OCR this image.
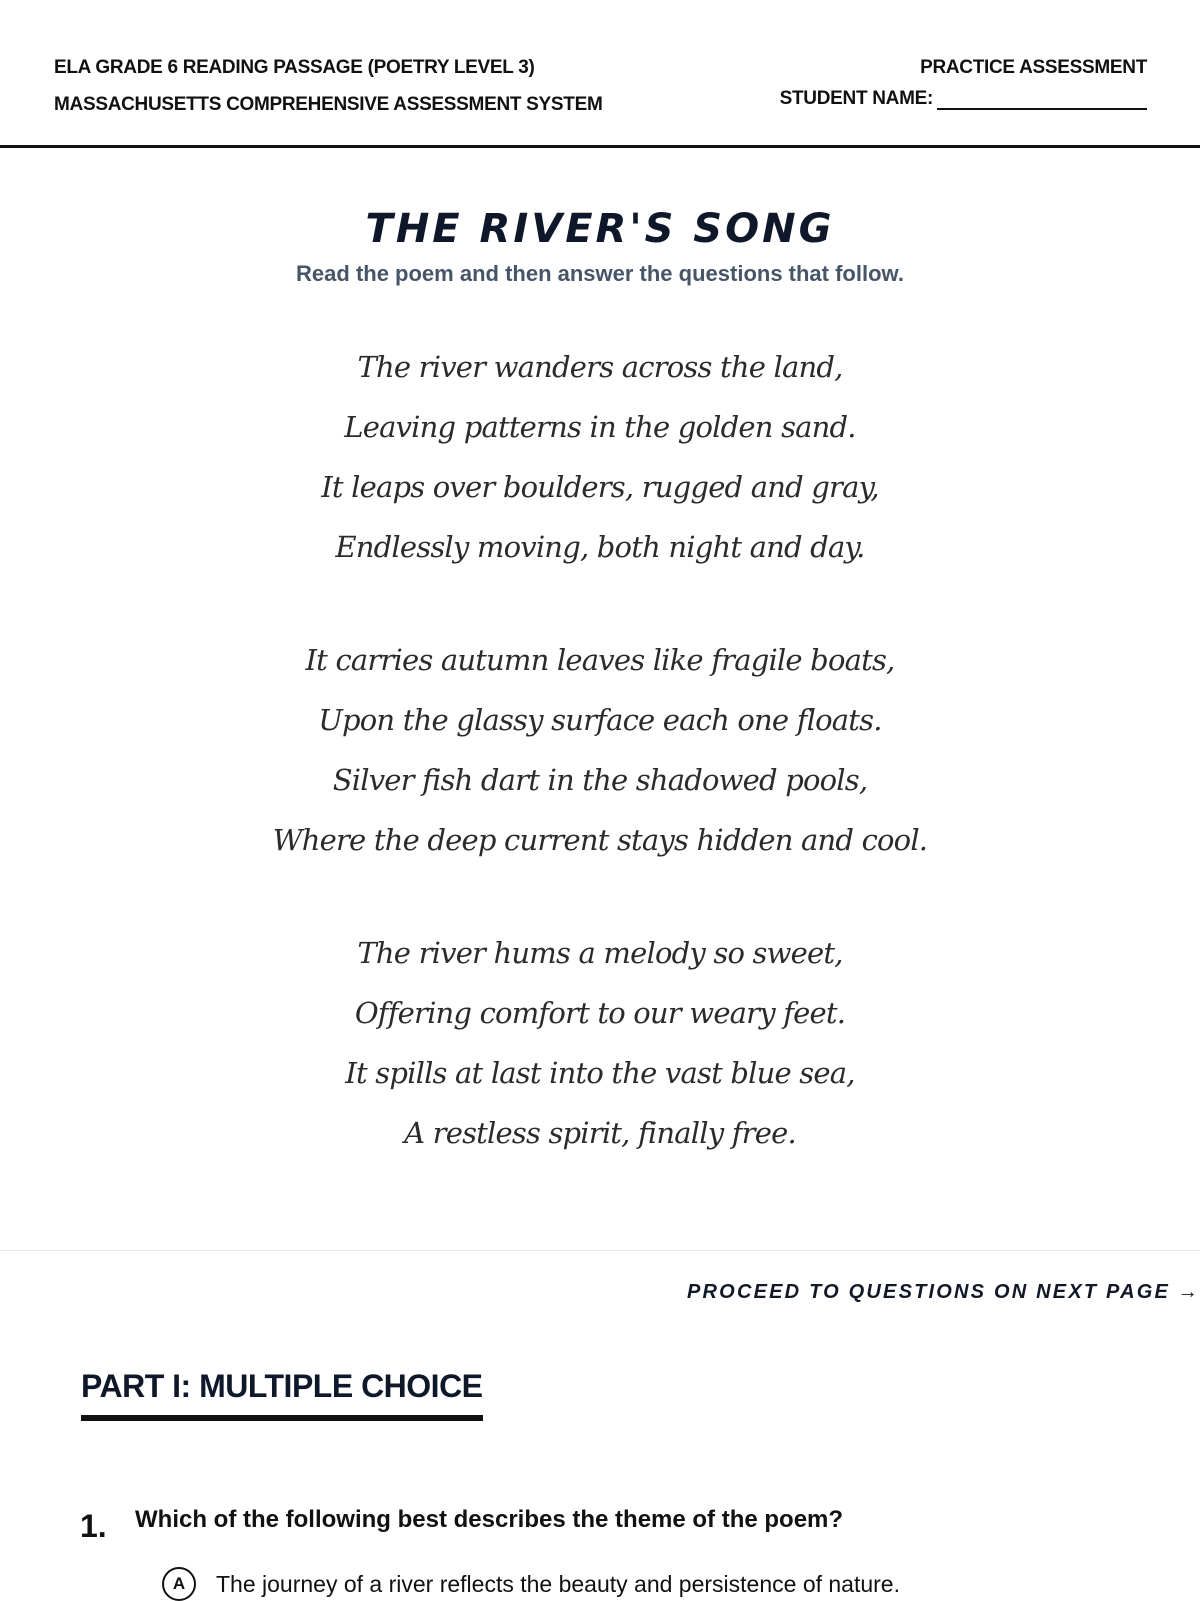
ELA GRADE 6 READING PASSAGE (POETRY LEVEL 3)
MASSACHUSETTS COMPREHENSIVE ASSESSMENT SYSTEM
PRACTICE ASSESSMENT
STUDENT NAME:
THE RIVER'S SONG
Read the poem and then answer the questions that follow.
The river wanders across the land,
Leaving patterns in the golden sand.
It leaps over boulders, rugged and gray,
Endlessly moving, both night and day.
It carries autumn leaves like fragile boats,
Upon the glassy surface each one floats.
Silver fish dart in the shadowed pools,
Where the deep current stays hidden and cool.
The river hums a melody so sweet,
Offering comfort to our weary feet.
It spills at last into the vast blue sea,
A restless spirit, finally free.
PROCEED TO QUESTIONS ON NEXT PAGE →
PART I: MULTIPLE CHOICE
1. Which of the following best describes the theme of the poem?
A	The journey of a river reflects the beauty and persistence of nature.
